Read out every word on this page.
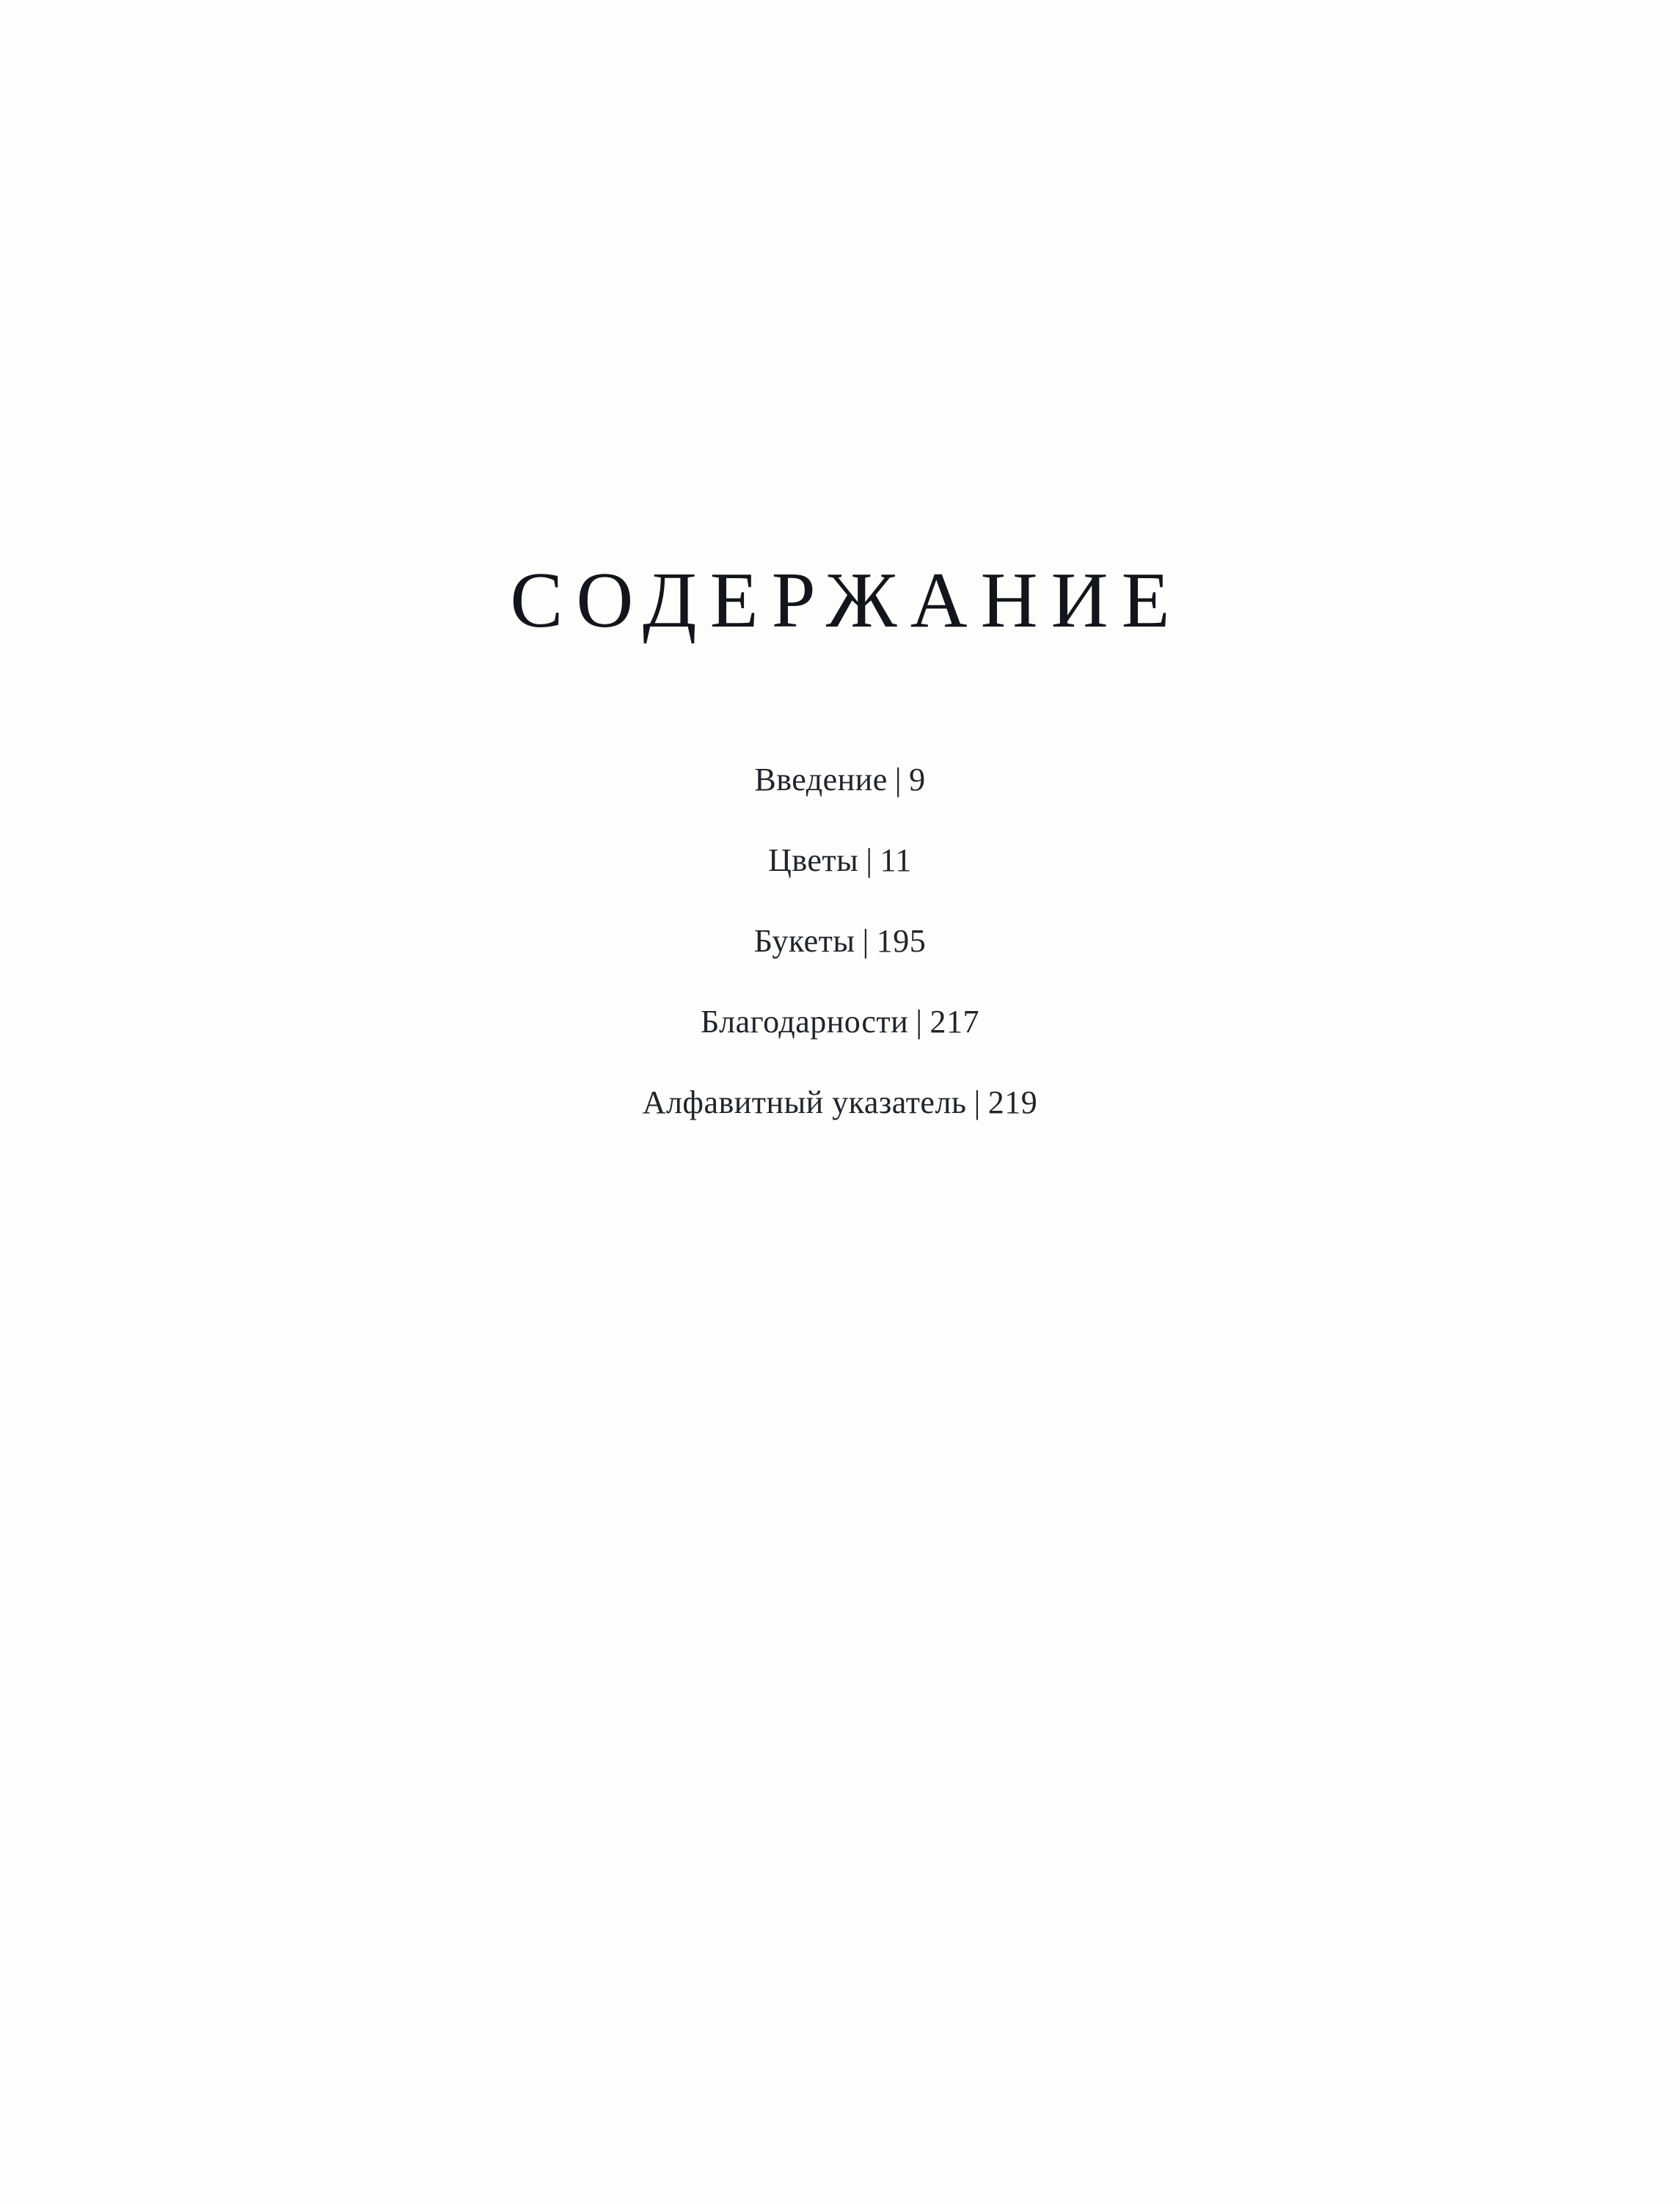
СОДЕРЖАНИЕ
Введение | 9
Цветы | 11
Букеты | 195
Благодарности | 217
Алфавитный указатель | 219
